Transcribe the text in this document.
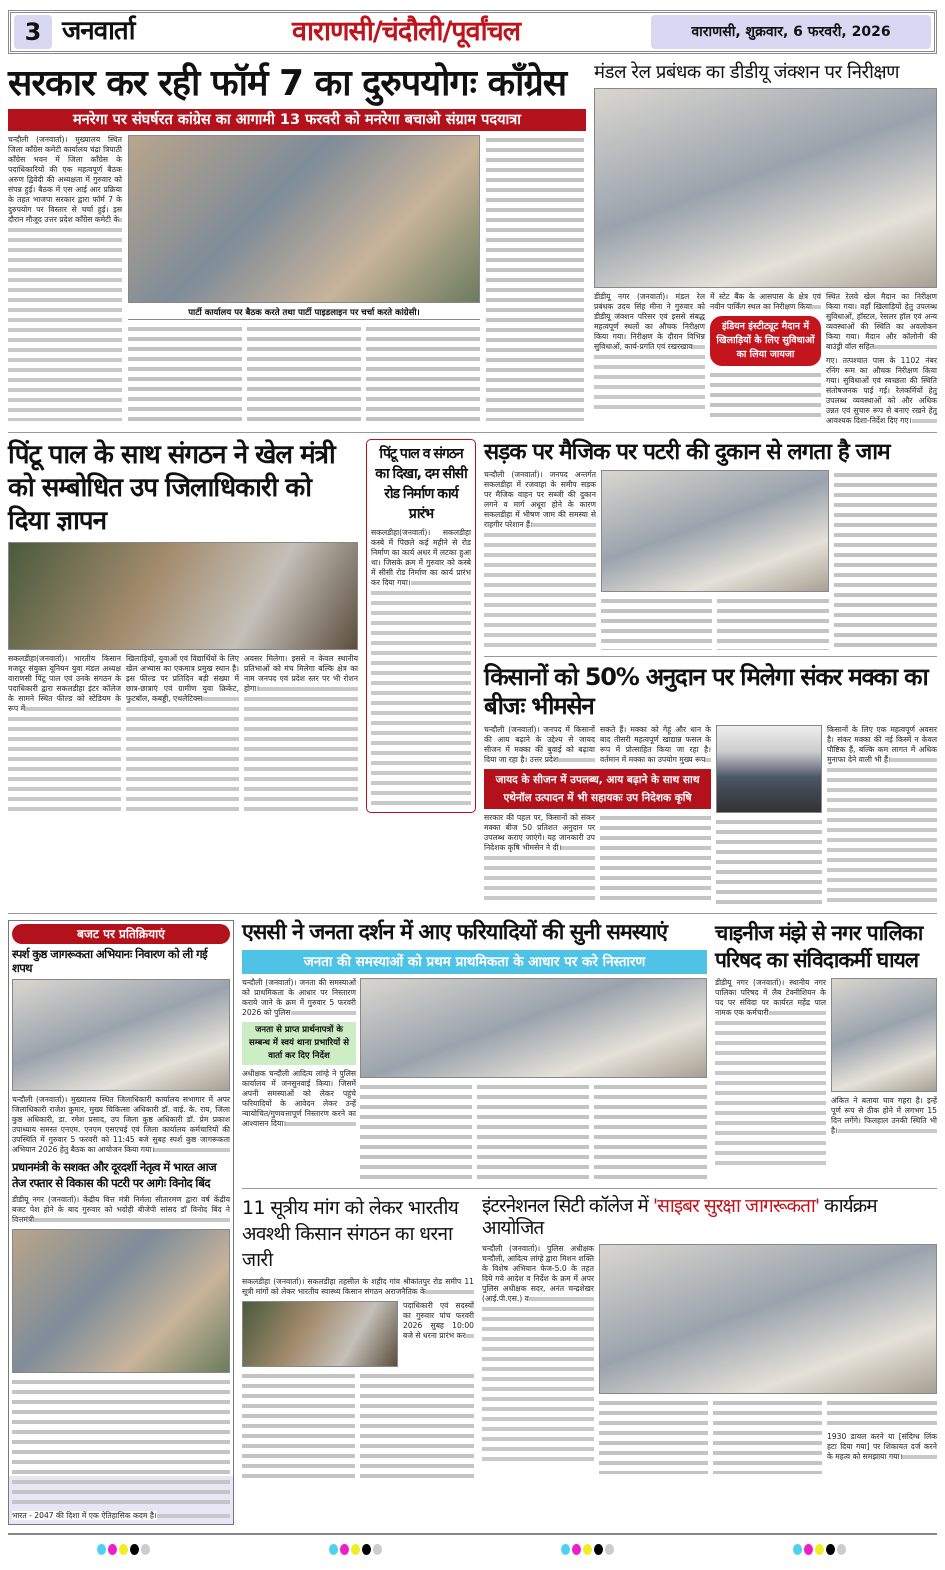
3 जनवार्ता	वाराणसी/चंदौली/पूर्वांचल	वाराणसी, शुक्रवार, 6 फरवरी, 2026
सरकार कर रही फॉर्म 7 का दुरुपयोगः कॉंग्रेस
मनरेगा पर संघर्षरत कांग्रेस का आगामी 13 फरवरी को मनरेगा बचाओ संग्राम पदयात्रा
चन्दौली (जनवार्ता)। मुख्यालय स्थित जिला कॉंग्रेस कमेटी कार्यालय चंद्रा त्रिपाठी कॉंग्रेस भवन में जिला कॉंग्रेस के पदाधिकारियों की एक महत्वपूर्ण बैठक अरुण द्विवेदी की अध्यक्षता में गुरुवार को संपन्न हुई। बैठक में एस आई आर प्रक्रिया के तहत भाजपा सरकार द्वारा फॉर्म 7 के दुरुपयोग पर विस्तार से चर्चा हुई। इस दौरान मौजूद उत्तर प्रदेश कॉंग्रेस कमेटी के
पार्टी कार्यालय पर बैठक करते तथा पार्टी पाइडलाइन पर चर्चा करते कांग्रेसी।
मंडल रेल प्रबंधक का डीडीयू जंक्शन पर निरीक्षण
डीडीयू नगर (जनवार्ता)। मंडल रेल प्रबंधक उदय सिंह मीना ने गुरुवार को डीडीयू जंक्शन परिसर एवं इससे संबद्ध महत्वपूर्ण स्थलों का औचक निरीक्षण किया गया। निरीक्षण के दौरान विभिन्न सुविधाओं, कार्य-प्रगति एवं रखरखाव
में स्टेट बैंक के आसपास के क्षेत्र एवं नवीन पार्किंग स्थल का निरीक्षण किया
इंडियन इंस्टीट्यूट मैदान में खिलाड़ियों के लिए सुविधाओं का लिया जायजा
स्थित रेलवे खेल मैदान का निरीक्षण किया गया। वहाँ खिलाड़ियों हेतु उपलब्ध सुविधाओं, हॉस्टल, रेसलर हॉल एवं अन्य व्यवस्थाओं की स्थिति का अवलोकन किया गया। मैदान और कॉलोनी की बाउंड्री वॉल सहित
गए। तत्पश्चात पास के 1102 नंबर रनिंग रूम का औचक निरीक्षण किया गया। सुविधाओं एवं स्वच्छता की स्थिति संतोषजनक पाई गई। रेलकर्मियों हेतु उपलब्ध व्यवस्थाओं को और अधिक उन्नत एवं सुचारु रूप से बनाए रखने हेतु आवश्यक दिशा-निर्देश दिए गए।
पिंटू पाल के साथ संगठन ने खेल मंत्री को सम्बोधित उप जिलाधिकारी को दिया ज्ञापन
सकलडीहा(जनवार्ता)। भारतीय किसान मजदूर संयुक्त यूनियन युवा मंडल अध्यक्ष वाराणसी पिंटू पाल एवं उनके संगठन के पदाधिकारी द्वारा सकलडीहा इंटर कॉलेज के सामने स्थित फील्ड को स्टेडियम के रूप में
खिलाड़ियों, युवाओं एवं विद्यार्थियों के लिए खेल अभ्यास का एकमात्र प्रमुख स्थान है। इस फील्ड पर प्रतिदिन बड़ी संख्या में छात्र-छात्राएं एवं ग्रामीण युवा क्रिकेट, फुटबॉल, कबड्डी, एथलेटिक्स
अवसर मिलेगा। इससे न केवल स्थानीय प्रतिभाओं को मंच मिलेगा बल्कि क्षेत्र का नाम जनपद एवं प्रदेश स्तर पर भी रोशन होगा।
पिंटू पाल व संगठन का दिखा, दम सीसी रोड निर्माण कार्य प्रारंभ
सकलडीहा(जनवार्ता)। सकलडीहा कस्बे में पिछले कई महीने से रोड निर्माण का कार्य अधर में लटका हुआ था। जिसके क्रम में गुरुवार को कस्बे में सीसी रोड निर्माण का कार्य प्रारंभ कर दिया गया।
सड़क पर मैजिक पर पटरी की दुकान से लगता है जाम
चन्दौली (जनवार्ता)। जनपद अन्तर्गत सकलडीहा में रजवाहा के समीप सड़क पर मैजिक वाहन पर सब्जी की दुकान लगने व मार्ग अधूरा होने के कारण सकलडीहा में भीषण जाम की समस्या से राहगीर परेशान हैं।
किसानों को 50% अनुदान पर मिलेगा संकर मक्का का बीजः भीमसेन
चन्दौली (जनवार्ता)। जनपद में किसानों की आय बढ़ाने के उद्देश्य से जायद सीजन में मक्का की बुवाई को बढ़ावा दिया जा रहा है। उत्तर प्रदेश
सकते हैं। मक्का को गेहूं और धान के बाद तीसरी महत्वपूर्ण खाद्यान्न फसल के रूप में प्रोत्साहित किया जा रहा है। वर्तमान में मक्का का उपयोग मुख्य रूप
जायद के सीजन में उपलब्ध, आय बढ़ाने के साथ साथ एथेनॉल उत्पादन में भी सहायकः उप निदेशक कृषि
सरकार की पहल पर, किसानों को संकर मक्का बीज 50 प्रतिशत अनुदान पर उपलब्ध कराए जाएंगे। यह जानकारी उप निदेशक कृषि भीमसेन ने दी।
किसानों के लिए एक महत्वपूर्ण अवसर है। संकर मक्का की नई किस्में न केवल पौष्टिक हैं, बल्कि कम लागत में अधिक मुनाफा देने वाली भी हैं।
बजट पर प्रतिक्रियाएं
स्पर्श कुष्ठ जागरूकता अभियानः निवारण को ली गई शपथ
चन्दौली (जनवार्ता)। मुख्यालय स्थित जिलाधिकारी कार्यालय सभागार में अपर जिलाधिकारी राजेश कुमार, मुख्य चिकित्सा अधिकारी डॉ. वाई. के. राय, जिला कुष्ठ अधिकारी, डा. रमेश प्रसाद, उप जिला कुष्ठ अधिकारी डॉ. प्रेम प्रकाश उपाध्याय समस्त एनएम. एनएम एसएचई एवं जिला कार्यालय कर्मचारियों की उपस्थिति में गुरुवार 5 फरवरी को 11:45 बजे सुबह स्पर्श कुष्ठ जागरूकता अभियान 2026 हेतु बैठक का आयोजन किया गया।
प्रधानमंत्री के सशक्त और दूरदर्शी नेतृत्व में भारत आज तेज रफ्तार से विकास की पटरी पर आगेः विनोद बिंद
डीडीयू नगर (जनवार्ता)। केंद्रीय वित्त मंत्री निर्मला सीतारमण द्वारा वर्ष केंद्रीय बजट पेश होने के बाद गुरुवार को भदोही बीजेपी सांसद डॉ विनोद बिंद ने वित्तमंत्री
भारत - 2047 की दिशा में एक ऐतिहासिक कदम है।
एससी ने जनता दर्शन में आए फरियादियों की सुनी समस्याएं
जनता की समस्याओं को प्रथम प्राथमिकता के आधार पर करे निस्तारण
चन्दौली (जनवार्ता)। जनता की समस्याओं को प्राथमिकता के आधार पर निस्तारण कराये जाने के क्रम में गुरुवार 5 फरवरी 2026 को पुलिस
जनता से प्राप्त प्रार्थनापत्रों के सम्बन्ध में स्वयं थाना प्रभारियों से वार्ता कर दिए निर्देश
अधीक्षक चन्दौली आदित्य लांग्हे ने पुलिस कार्यालय में जनसुनवाई किया। जिसमें अपनी समस्याओं को लेकर पहुंचे फरियादियों के आवेदन लेकर उन्हें न्यायोचित/गुणवत्तापूर्ण निस्तारण करने का आश्वासन दिया।
चाइनीज मंझे से नगर पालिका परिषद का संविदाकर्मी घायल
डीडीयू नगर (जनवार्ता)। स्थानीय नगर पालिका परिषद में लैब टेक्नीशियन के पद पर संविदा पर कार्यरत महेंद्र पाल नामक एक कर्मचारी
अंकित ने बताया घाव गहरा है। इन्हें पूर्ण रूप से ठीक होने में लगभग 15 दिन लगेंगे। फिलहाल उनकी स्थिति भी है।
11 सूत्रीय मांग को लेकर भारतीय अवश्थी किसान संगठन का धरना जारी
सकलडीहा (जनवार्ता)। सकलडीहा तहसील के शहीद गांव श्रीकांतपुर रोड समीप 11 सूत्री मांगों को लेकर भारतीय स्वास्थ्य किसान संगठन अराजनैतिक के
पदाधिकारी एवं सदस्यों का गुरुवार पांच फरवरी 2026 सुबह 10:00 बजे से धरना प्रारंभ कर
इंटरनेशनल सिटी कॉलेज में 'साइबर सुरक्षा जागरूकता' कार्यक्रम आयोजित
चन्दौली (जनवार्ता)। पुलिस अधीक्षक चन्दौली, आदित्य लांग्हे द्वारा मिशन शक्ति के विशेष अभियान फेज-5.0 के तहत दिये गये आदेश व निर्देश के क्रम में अपर पुलिस अधीक्षक सदर, अनंत चन्द्रशेखर (आई.पी.एस.) व
1930 डायल करने या [संदिग्ध लिंक हटा दिया गया] पर शिकायत दर्ज करने के महत्व को समझाया गया।
